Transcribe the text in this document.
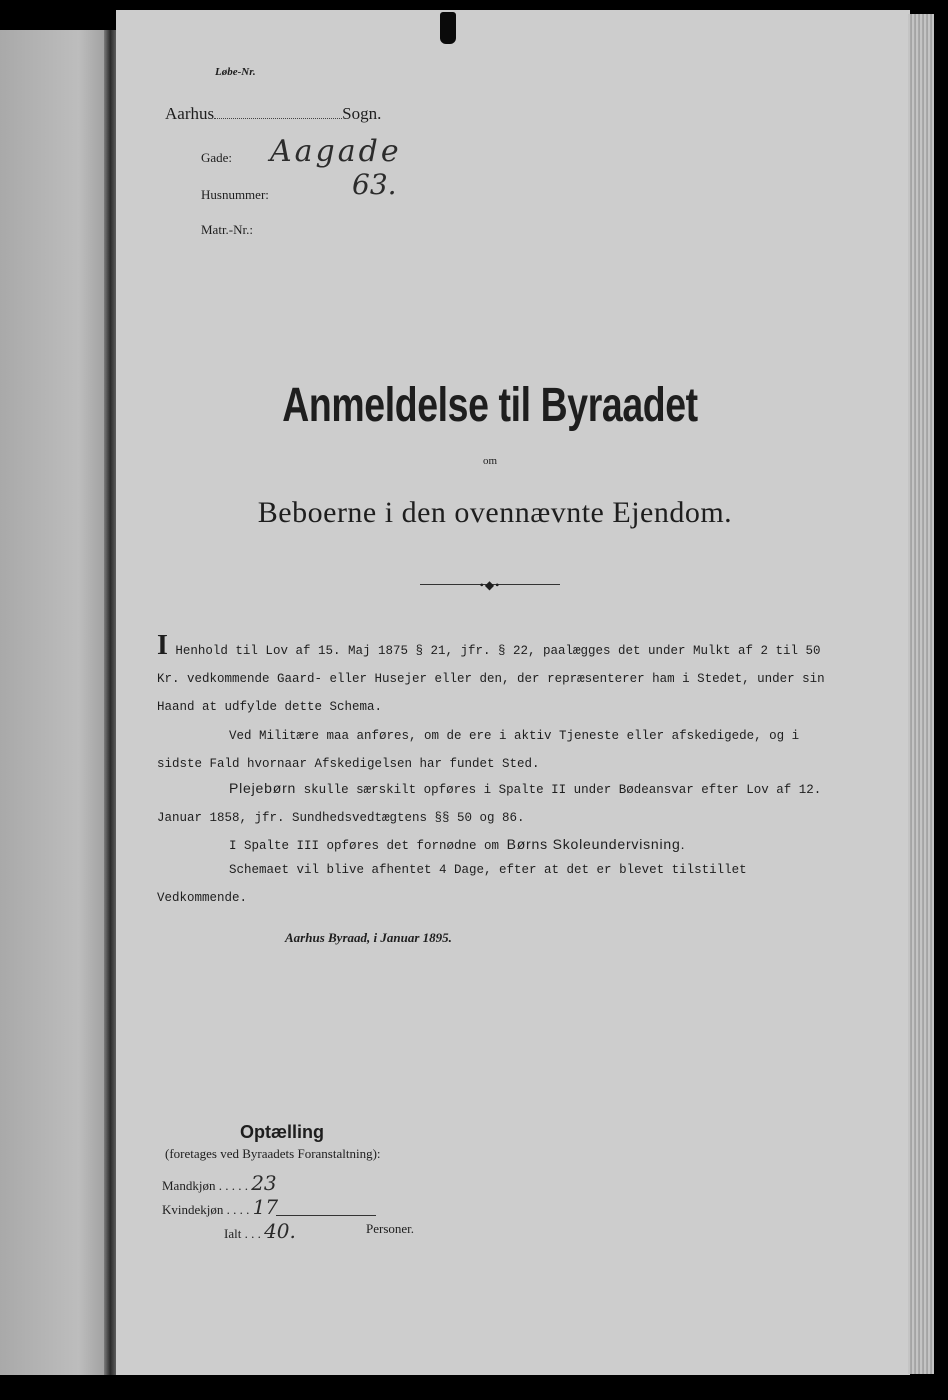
Løbe-Nr.
Aarhus	Sogn.
Gade: Aagade
Husnummer:	63.
Matr.-Nr.:
Anmeldelse til Byraadet
om
Beboerne i den ovennævnte Ejendom.
•◆•
I Henhold til Lov af 15. Maj 1875 § 21, jfr. § 22, paalægges det under Mulkt af 2 til 50 Kr. vedkommende Gaard- eller Husejer eller den, der repræsenterer ham i Stedet, under sin Haand at udfylde dette Schema.
Ved Militære maa anføres, om de ere i aktiv Tjeneste eller afskedigede, og i sidste Fald hvornaar Afskedigelsen har fundet Sted.
Plejebørn skulle særskilt opføres i Spalte II under Bødeansvar efter Lov af 12. Januar 1858, jfr. Sundhedsvedtægtens §§ 50 og 86.
I Spalte III opføres det fornødne om Børns Skoleundervisning.
Schemaet vil blive afhentet 4 Dage, efter at det er blevet tilstillet Vedkommende.
Aarhus Byraad, i Januar 1895.
Optælling
(foretages ved Byraadets Foranstaltning):
Mandkjøn . . . . . 23
Kvindekjøn . . . . 17
Ialt . . . 40.	Personer.
